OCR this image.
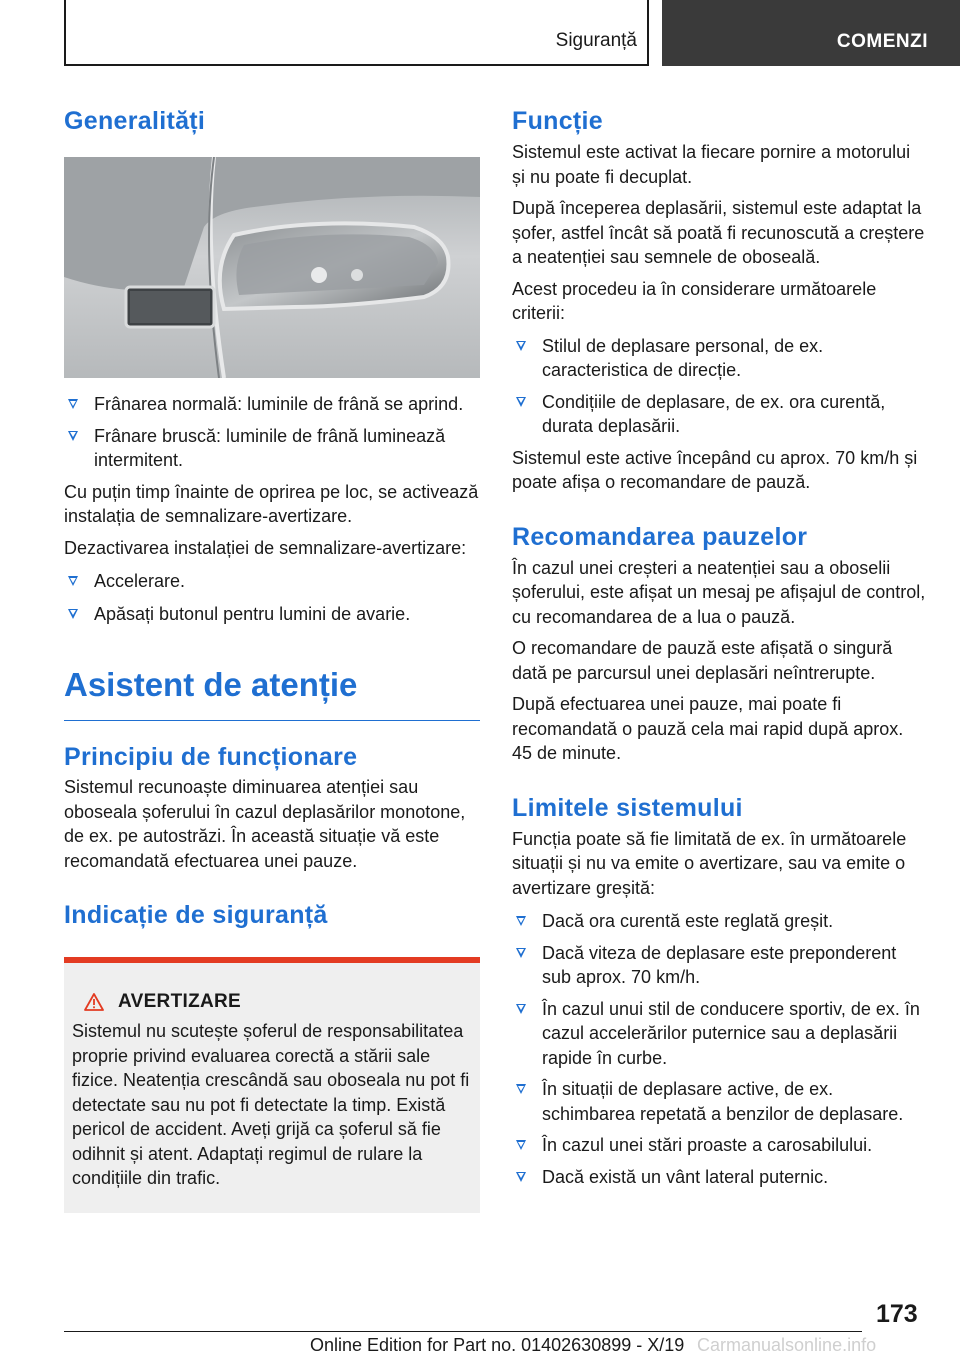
Siguranță	COMENZI
Generalități
Frânarea normală: luminile de frână se aprind.
Frânare bruscă: luminile de frână luminează intermitent.
Cu puțin timp înainte de oprirea pe loc, se activează instalația de semnalizare-avertizare.
Dezactivarea instalației de semnalizare-avertizare:
Accelerare.
Apăsați butonul pentru lumini de avarie.
Asistent de atenție
Principiu de funcționare
Sistemul recunoaște diminuarea atenției sau oboseala șoferului în cazul deplasărilor monotone, de ex. pe autostrăzi. În această situație vă este recomandată efectuarea unei pauze.
Indicație de siguranță
AVERTIZARE
Sistemul nu scutește șoferul de responsabilitatea proprie privind evaluarea corectă a stării sale fizice. Neatenția crescândă sau oboseala nu pot fi detectate sau nu pot fi detectate la timp. Există pericol de accident. Aveți grijă ca șoferul să fie odihnit și atent. Adaptați regimul de rulare la condițiile din trafic.
Funcție
Sistemul este activat la fiecare pornire a motorului și nu poate fi decuplat.
După începerea deplasării, sistemul este adaptat la șofer, astfel încât să poată fi recunoscută a creștere a neatenției sau semnele de oboseală.
Acest procedeu ia în considerare următoarele criterii:
Stilul de deplasare personal, de ex. caracteristica de direcție.
Condițiile de deplasare, de ex. ora curentă, durata deplasării.
Sistemul este active începând cu aprox. 70 km/h și poate afișa o recomandare de pauză.
Recomandarea pauzelor
În cazul unei creșteri a neatenției sau a oboselii șoferului, este afișat un mesaj pe afișajul de control, cu recomandarea de a lua o pauză.
O recomandare de pauză este afișată o singură dată pe parcursul unei deplasări neîntrerupte.
După efectuarea unei pauze, mai poate fi recomandată o pauză cela mai rapid după aprox. 45 de minute.
Limitele sistemului
Funcția poate să fie limitată de ex. în următoarele situații și nu va emite o avertizare, sau va emite o avertizare greșită:
Dacă ora curentă este reglată greșit.
Dacă viteza de deplasare este preponderent sub aprox. 70 km/h.
În cazul unui stil de conducere sportiv, de ex. în cazul accelerărilor puternice sau a deplasării rapide în curbe.
În situații de deplasare active, de ex. schimbarea repetată a benzilor de deplasare.
În cazul unei stări proaste a carosabilului.
Dacă există un vânt lateral puternic.
173
Online Edition for Part no. 01402630899 - X/19 Carmanualsonline.info
